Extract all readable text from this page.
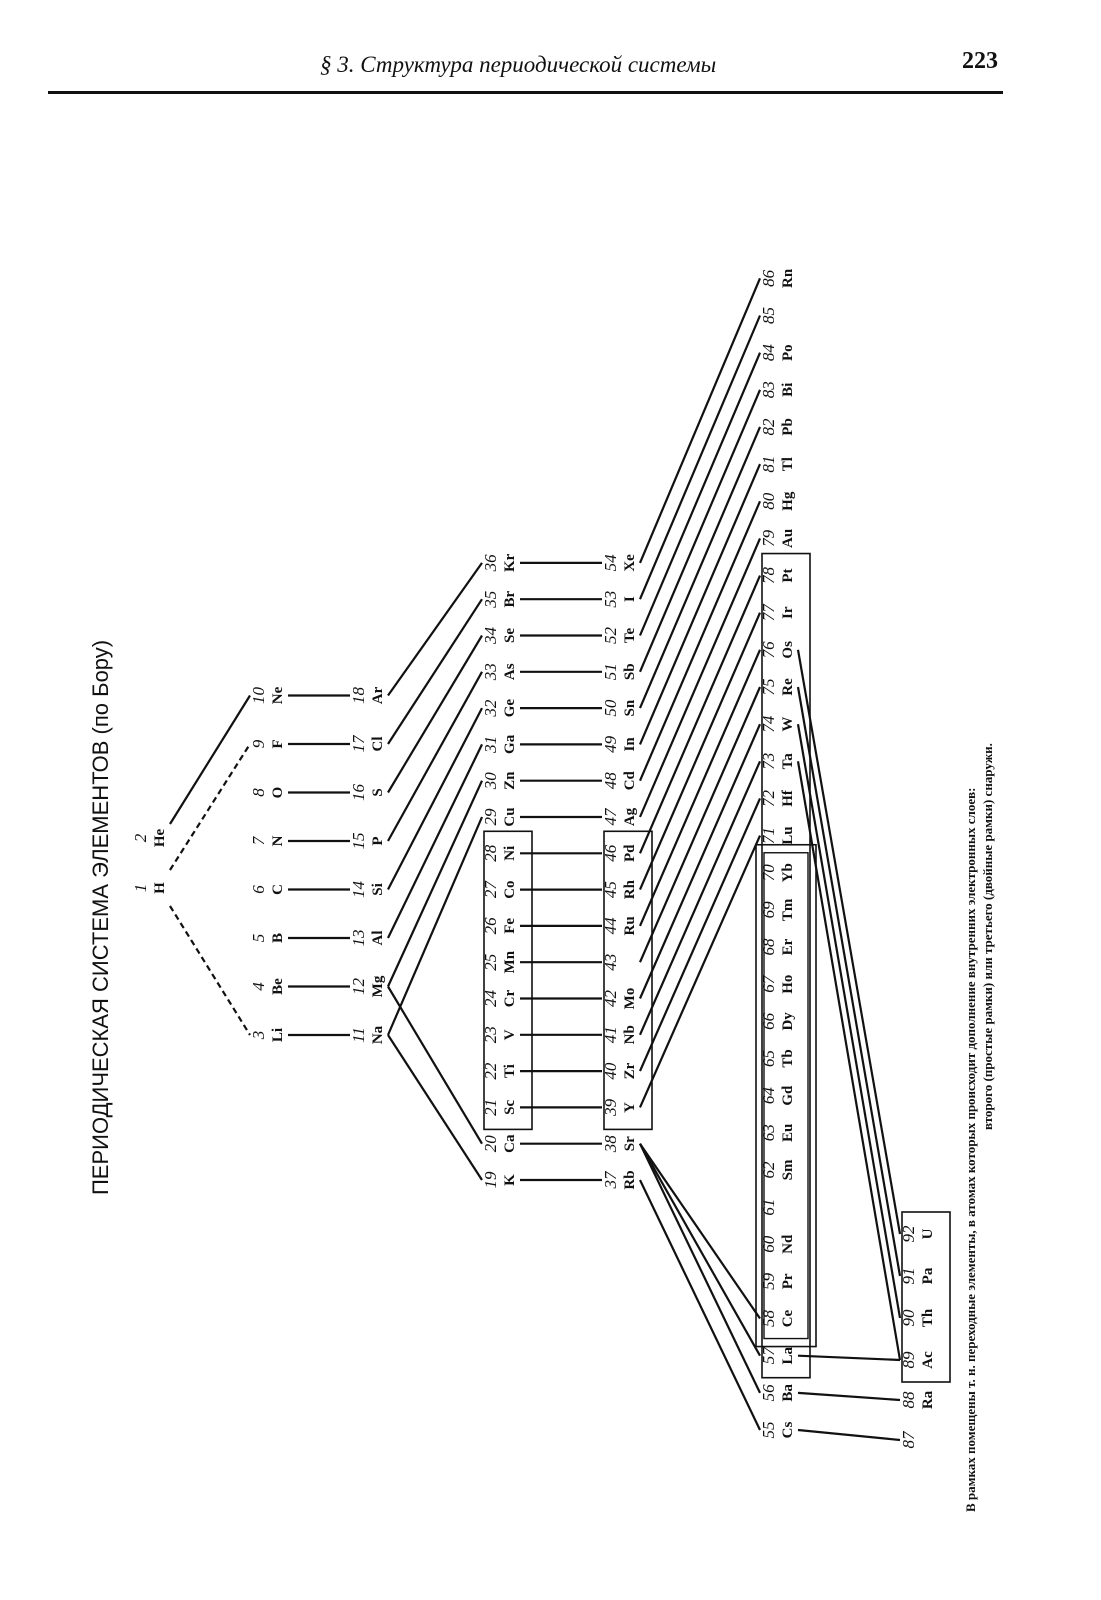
§ 3. Структура периодической системы	223
ПЕРИОДИЧЕСКАЯ СИСТЕМА ЭЛЕМЕНТОВ (по Бору)	В рамках помещены т. н. переходные элементы, в атомах которых происходит дополнение внутренних электронных слоев: второго (простые рамки) или третьего (двойные рамки) снаружи.
1 H
2 He
3 Li
4 Be
5 B
6 C
7 N
8 O
9 F
10 Ne
11 Na
12 Mg
13 Al
14 Si
15 P
16 S
17 Cl
18 Ar
19 K
20 Ca
21 Sc
22 Ti
23 V
24 Cr
25 Mn
26 Fe
27 Co
28 Ni
29 Cu
30 Zn
31 Ga
32 Ge
33 As
34 Se
35 Br
36 Kr
37 Rb
38 Sr
39 Y
40 Zr
41 Nb
42 Mo
43
44 Ru
45 Rh
46 Pd
47 Ag
48 Cd
49 In
50 Sn
51 Sb
52 Te
53 I
54 Xe
55 Cs
56 Ba
57 La
58 Ce
59 Pr
60 Nd
61
62 Sm
63 Eu
64 Gd
65 Tb
66 Dy
67 Ho
68 Er
69 Tm
70 Yb
71 Lu
72 Hf
73 Ta
74 W
75 Re
76 Os
77 Ir
78 Pt
79 Au
80 Hg
81 Tl
82 Pb
83 Bi
84 Po
85
86 Rn
87
88 Ra
89 Ac
90 Th
91 Pa
92 U
